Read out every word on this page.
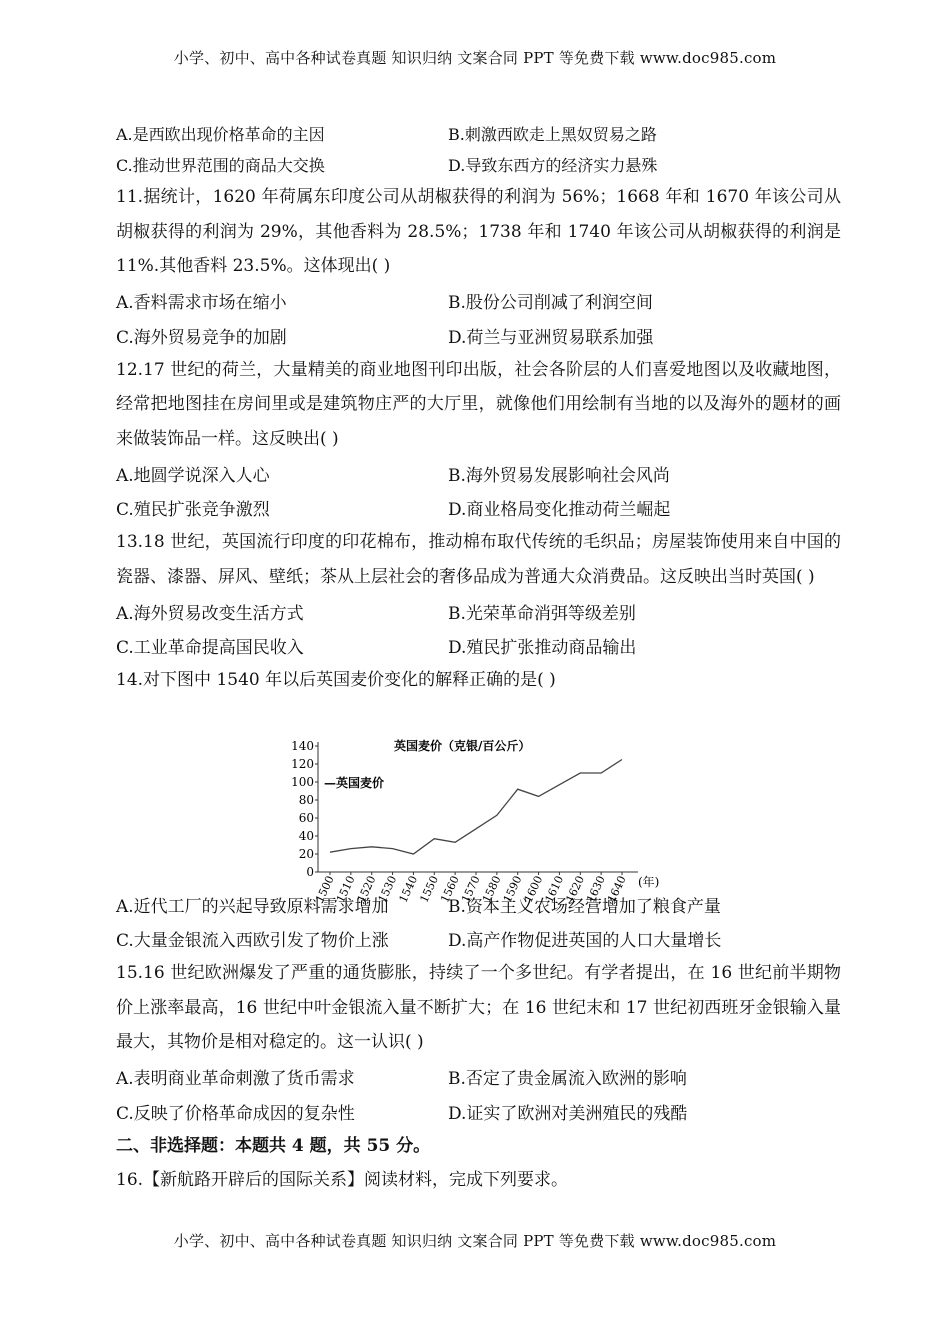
小学、初中、高中各种试卷真题 知识归纳 文案合同 PPT 等免费下载 www.doc985.com
A.是西欧出现价格革命的主因	B.刺激西欧走上黑奴贸易之路
C.推动世界范围的商品大交换	D.导致东西方的经济实力悬殊
11.据统计，1620 年荷属东印度公司从胡椒获得的利润为 56%；1668 年和 1670 年该公司从胡椒获得的利润为 29%，其他香料为 28.5%；1738 年和 1740 年该公司从胡椒获得的利润是 11%.其他香料 23.5%。这体现出( )
A.香料需求市场在缩小	B.股份公司削减了利润空间
C.海外贸易竞争的加剧	D.荷兰与亚洲贸易联系加强
12.17 世纪的荷兰，大量精美的商业地图刊印出版，社会各阶层的人们喜爱地图以及收藏地图，经常把地图挂在房间里或是建筑物庄严的大厅里，就像他们用绘制有当地的以及海外的题材的画来做装饰品一样。这反映出( )
A.地圆学说深入人心	B.海外贸易发展影响社会风尚
C.殖民扩张竞争激烈	D.商业格局变化推动荷兰崛起
13.18 世纪，英国流行印度的印花棉布，推动棉布取代传统的毛织品；房屋装饰使用来自中国的瓷器、漆器、屏风、壁纸；茶从上层社会的奢侈品成为普通大众消费品。这反映出当时英国( )
A.海外贸易改变生活方式	B.光荣革命消弭等级差别
C.工业革命提高国民收入	D.殖民扩张推动商品输出
14.对下图中 1540 年以后英国麦价变化的解释正确的是( )
A.近代工厂的兴起导致原料需求增加	B.资本主义农场经营增加了粮食产量
C.大量金银流入西欧引发了物价上涨	D.高产作物促进英国的人口大量增长
15.16 世纪欧洲爆发了严重的通货膨胀，持续了一个多世纪。有学者提出，在 16 世纪前半期物价上涨率最高，16 世纪中叶金银流入量不断扩大；在 16 世纪末和 17 世纪初西班牙金银输入量最大，其物价是相对稳定的。这一认识( )
A.表明商业革命刺激了货币需求	B.否定了贵金属流入欧洲的影响
C.反映了价格革命成因的复杂性	D.证实了欧洲对美洲殖民的残酷
二、非选择题：本题共 4 题，共 55 分。
16.【新航路开辟后的国际关系】阅读材料，完成下列要求。
0
20
40
60
80
100
120
140
1500
1510
1520
1530
1540
1550
1560
1570
1580
1590
1600
1610
1620
1630
1640
英国麦价（克银/百公斤）
—英国麦价
(年)
小学、初中、高中各种试卷真题 知识归纳 文案合同 PPT 等免费下载 www.doc985.com
